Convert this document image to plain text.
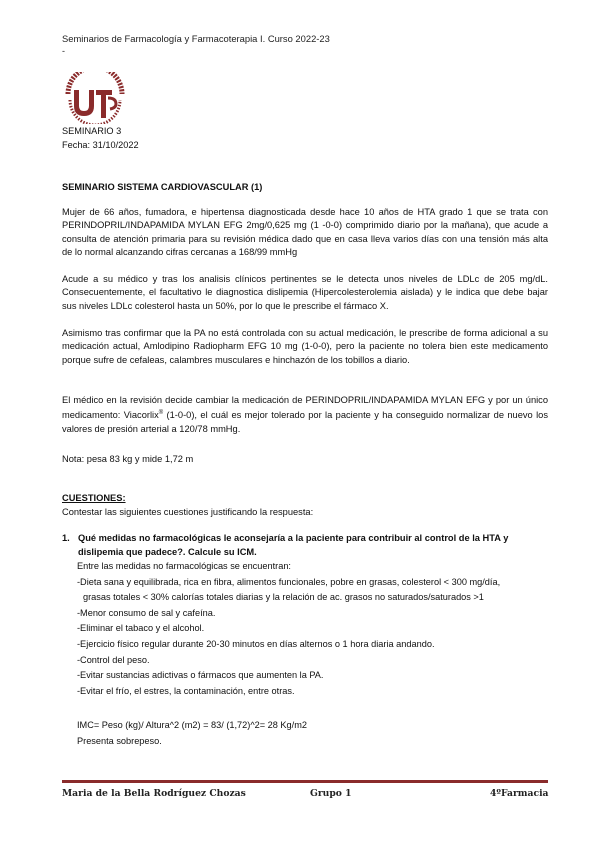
Seminarios de Farmacología y Farmacoterapia I. Curso 2022-23
-
SEMINARIO 3
Fecha: 31/10/2022
SEMINARIO SISTEMA CARDIOVASCULAR (1)
Mujer de 66 años, fumadora, e hipertensa diagnosticada desde hace 10 años de HTA grado 1 que se trata con PERINDOPRIL/INDAPAMIDA MYLAN EFG 2mg/0,625 mg (1 -0-0) comprimido diario por la mañana), que acude a consulta de atención primaria para su revisión médica dado que en casa lleva varios días con una tensión más alta de lo normal alcanzando cifras cercanas a 168/99 mmHg
Acude a su médico y tras los analisis clínicos pertinentes se le detecta unos niveles de LDLc de 205 mg/dL. Consecuentemente, el facultativo le diagnostica dislipemia (Hipercolesterolemia aislada) y le indica que debe bajar sus niveles LDLc colesterol hasta un 50%, por lo que le prescribe el fármaco X.
Asimismo tras confirmar que la PA no está controlada con su actual medicación, le prescribe de forma adicional a su medicación actual, Amlodipino Radiopharm EFG 10 mg (1-0-0), pero la paciente no tolera bien este medicamento porque sufre de cefaleas, calambres musculares e hinchazón de los tobillos a diario.
El médico en la revisión decide cambiar la medicación de PERINDOPRIL/INDAPAMIDA MYLAN EFG y por un único medicamento: Viacorlix® (1-0-0), el cuál es mejor tolerado por la paciente y ha conseguido normalizar de nuevo los valores de presión arterial a 120/78 mmHg.
Nota: pesa 83 kg y mide 1,72 m
CUESTIONES:
Contestar las siguientes cuestiones justificando la respuesta:
1. Qué medidas no farmacológicas le aconsejaría a la paciente para contribuir al control de la HTA y dislipemia que padece?. Calcule su ICM.
Entre las medidas no farmacológicas se encuentran:
-Dieta sana y equilibrada, rica en fibra, alimentos funcionales, pobre en grasas, colesterol < 300 mg/día,
grasas totales < 30% calorías totales diarias y la relación de ac. grasos no saturados/saturados >1
-Menor consumo de sal y cafeína.
-Eliminar el tabaco y el alcohol.
-Ejercicio físico regular durante 20-30 minutos en días alternos o 1 hora diaria andando.
-Control del peso.
-Evitar sustancias adictivas o fármacos que aumenten la PA.
-Evitar el frío, el estres, la contaminación, entre otras.
IMC= Peso (kg)/ Altura^2 (m2) = 83/ (1,72)^2= 28 Kg/m2
Presenta sobrepeso.
Maria de la Bella Rodríguez Chozas	Grupo 1	4ºFarmacia
